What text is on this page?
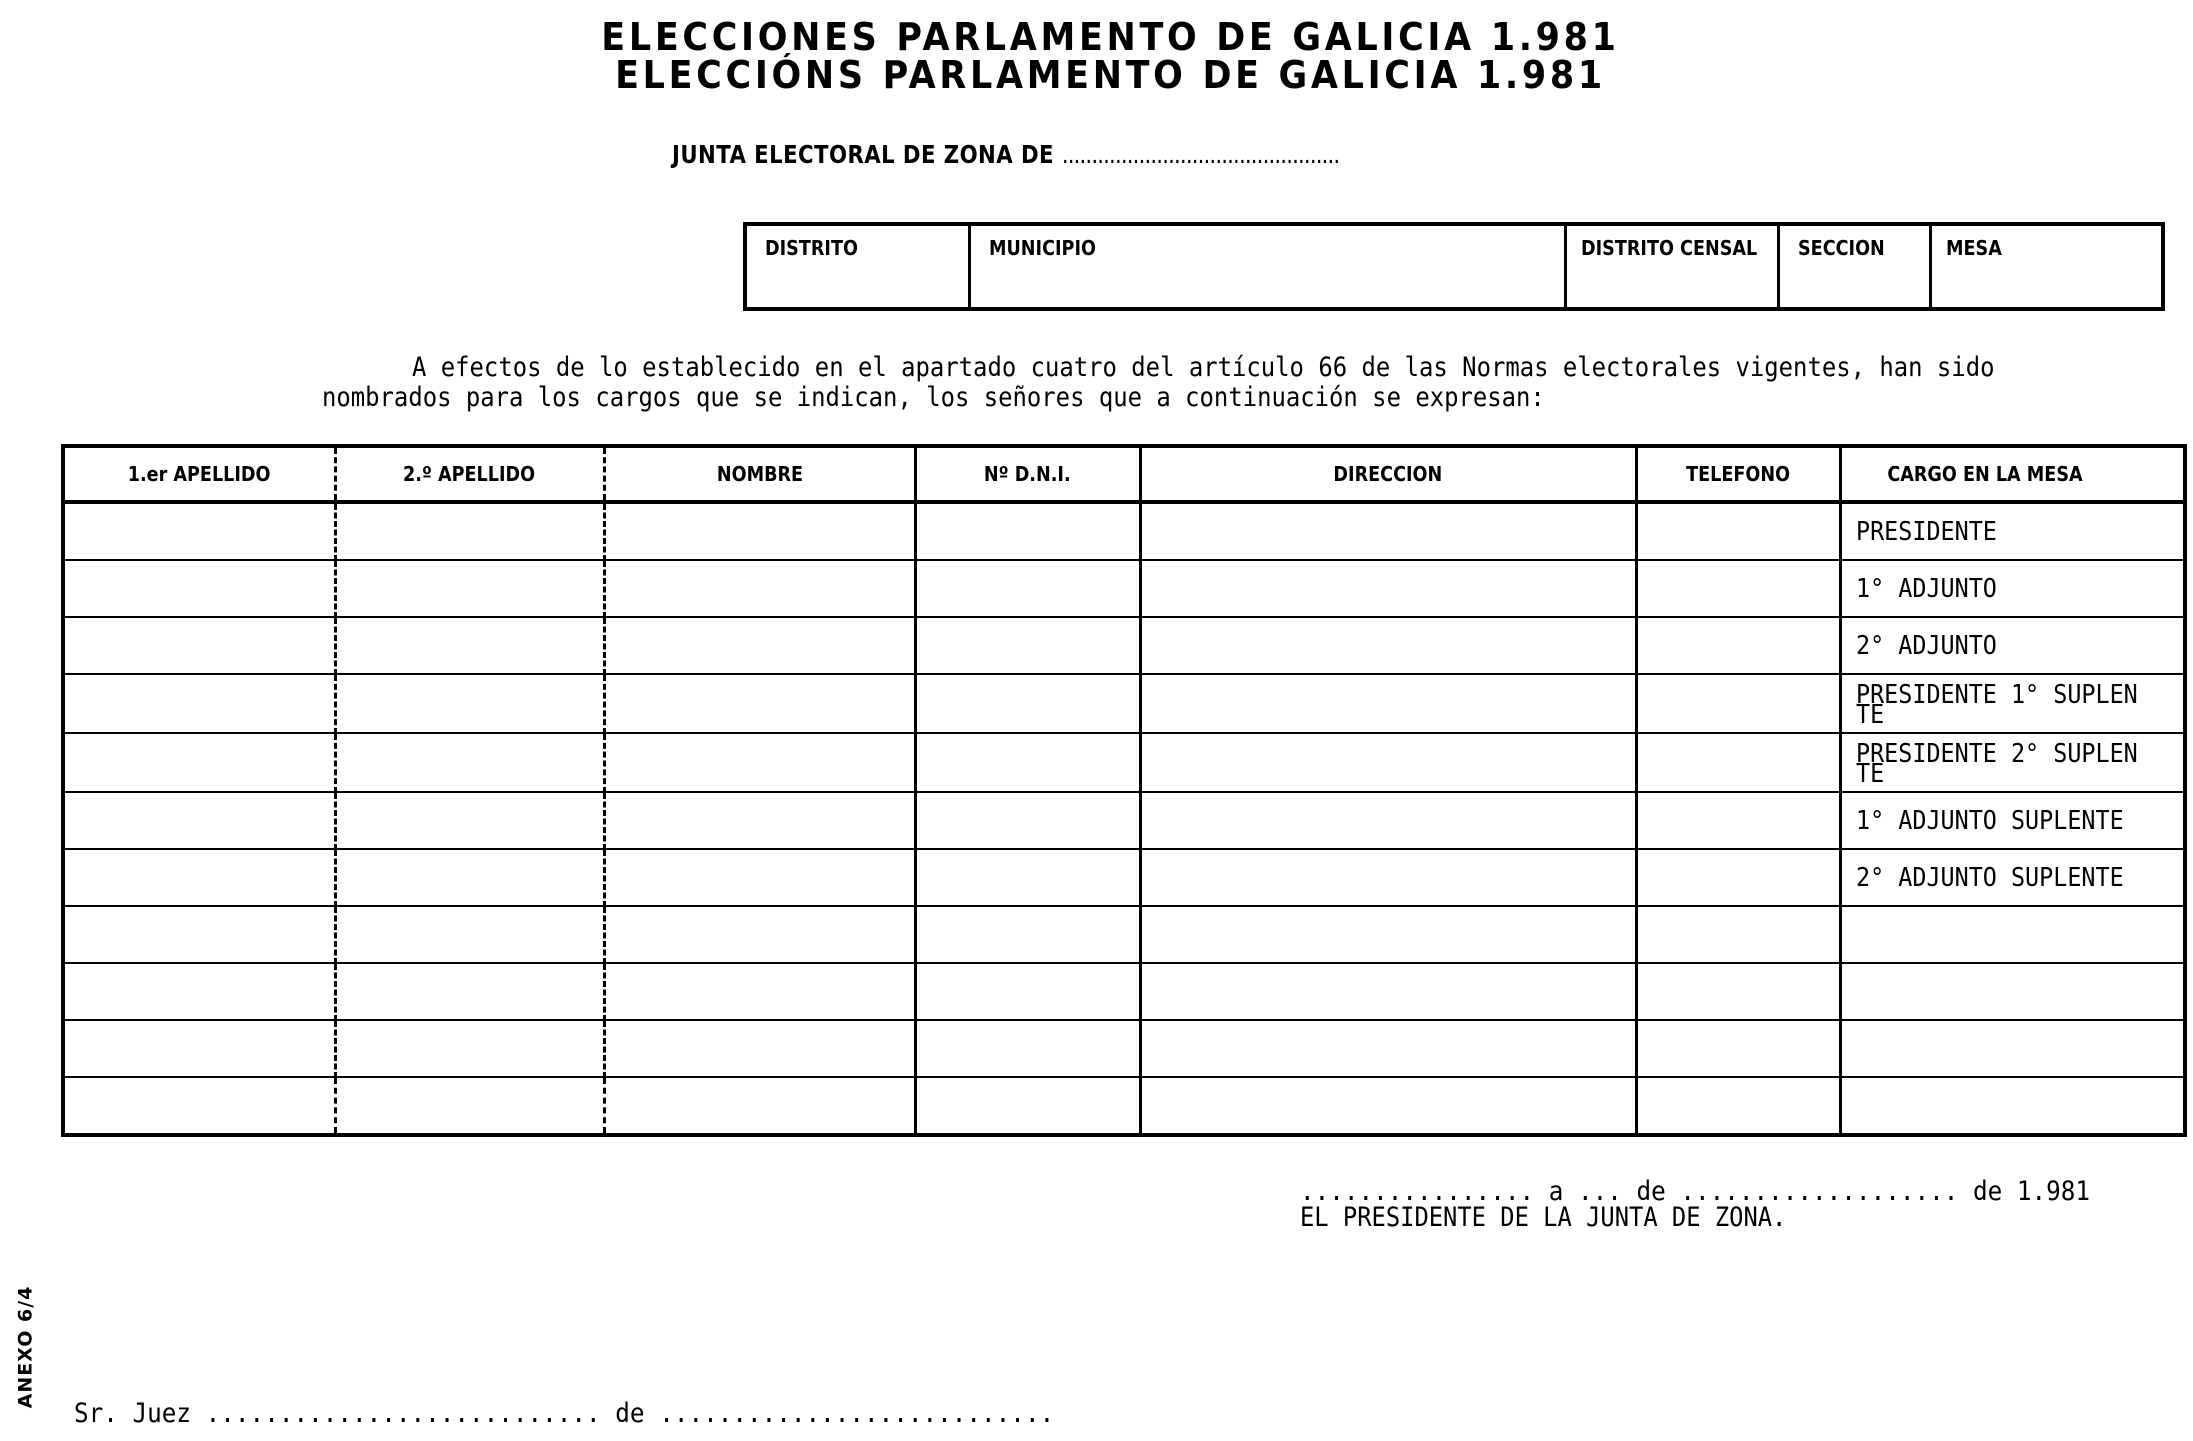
ELECCIONES PARLAMENTO DE GALICIA 1.981
ELECCIÓNS PARLAMENTO DE GALICIA 1.981
JUNTA ELECTORAL DE ZONA DE ...............................................
DISTRITO	MUNICIPIO	DISTRITO CENSAL	SECCION	MESA
A efectos de lo establecido en el apartado cuatro del artículo 66 de las Normas electorales vigentes, han sido
nombrados para los cargos que se indican, los señores que a continuación se expresan:
1.er APELLIDO	2.º APELLIDO	NOMBRE	Nº D.N.I.	DIRECCION	TELEFONO	CARGO EN LA MESA
						PRESIDENTE
						1° ADJUNTO
						2° ADJUNTO
						PRESIDENTE 1° SUPLENTE
						PRESIDENTE 2° SUPLENTE
						1° ADJUNTO SUPLENTE
						2° ADJUNTO SUPLENTE

................ a ... de ................... de 1.981
EL PRESIDENTE DE LA JUNTA DE ZONA.
ANEXO 6/4
Sr. Juez ........................... de ...........................
